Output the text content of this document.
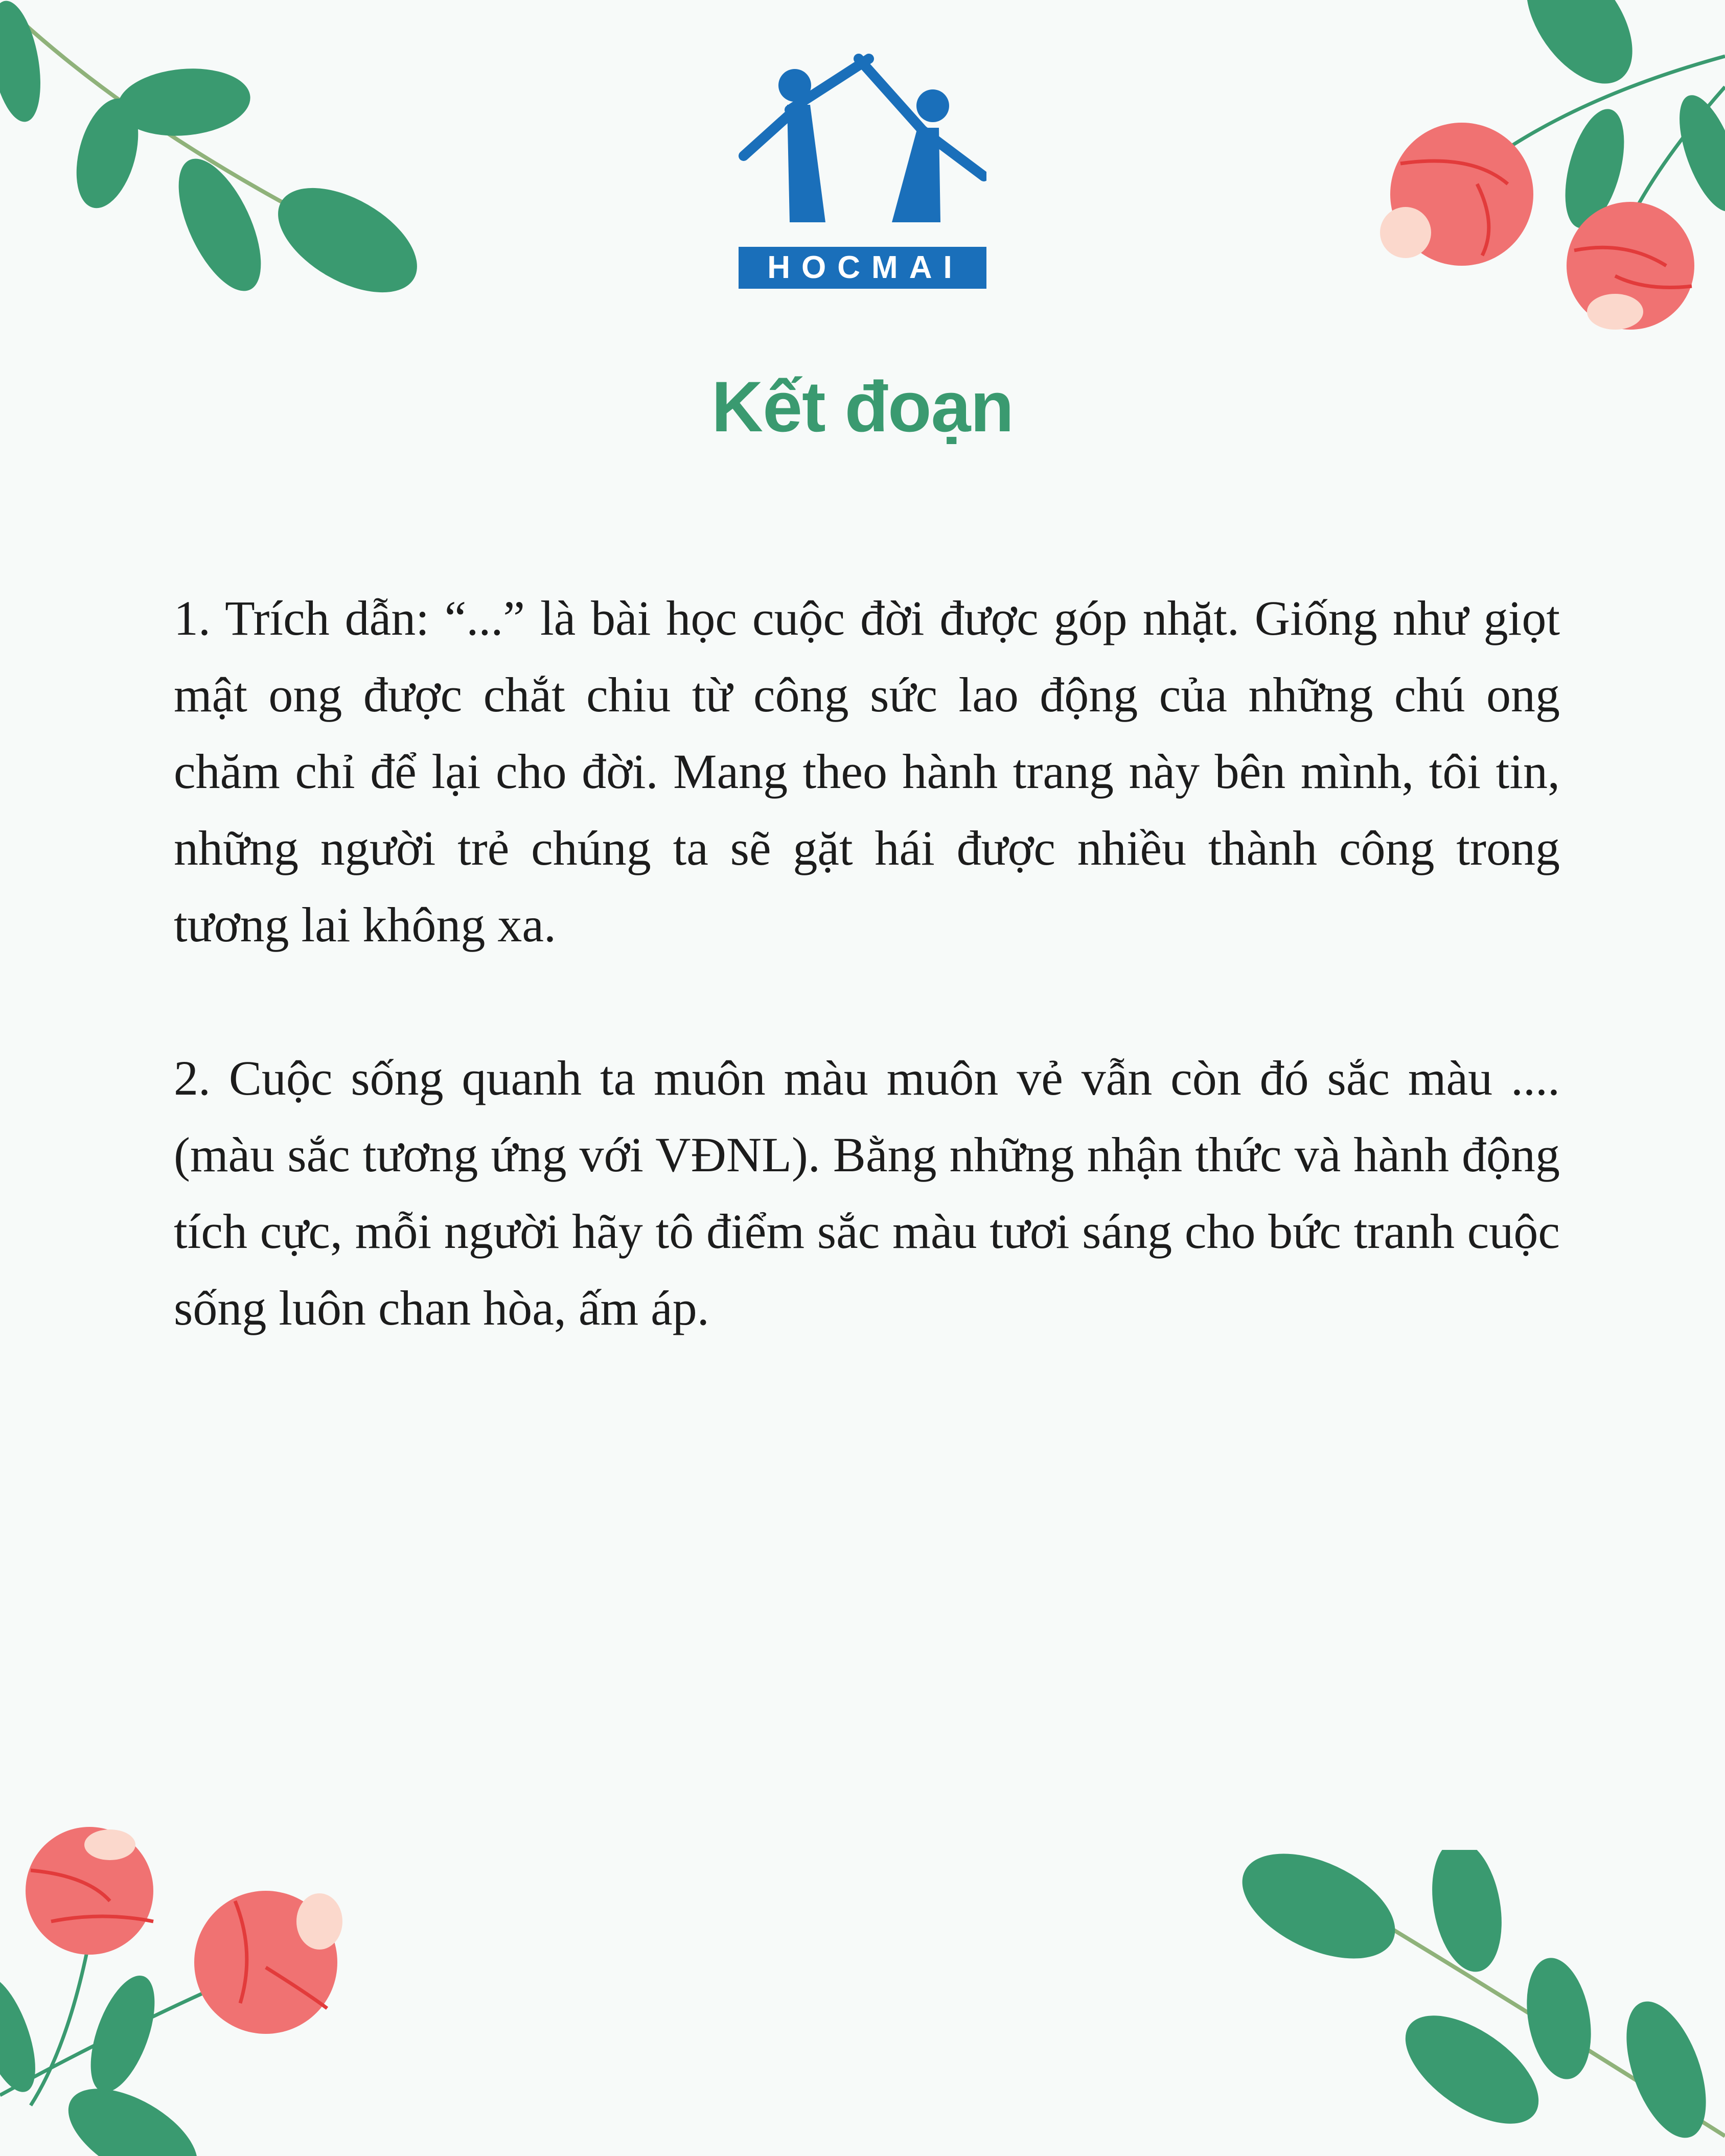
HOCMAI
Kết đoạn

1. Trích dẫn: “...” là bài học cuộc đời được góp nhặt. Giống như giọt mật ong được chắt chiu từ công sức lao động của những chú ong chăm chỉ để lại cho đời. Mang theo hành trang này bên mình, tôi tin, những người trẻ chúng ta sẽ gặt hái được nhiều thành công trong tương lai không xa.

2. Cuộc sống quanh ta muôn màu muôn vẻ vẫn còn đó sắc màu .... (màu sắc tương ứng với VĐNL). Bằng những nhận thức và hành động tích cực, mỗi người hãy tô điểm sắc màu tươi sáng cho bức tranh cuộc sống luôn chan hòa, ấm áp.
